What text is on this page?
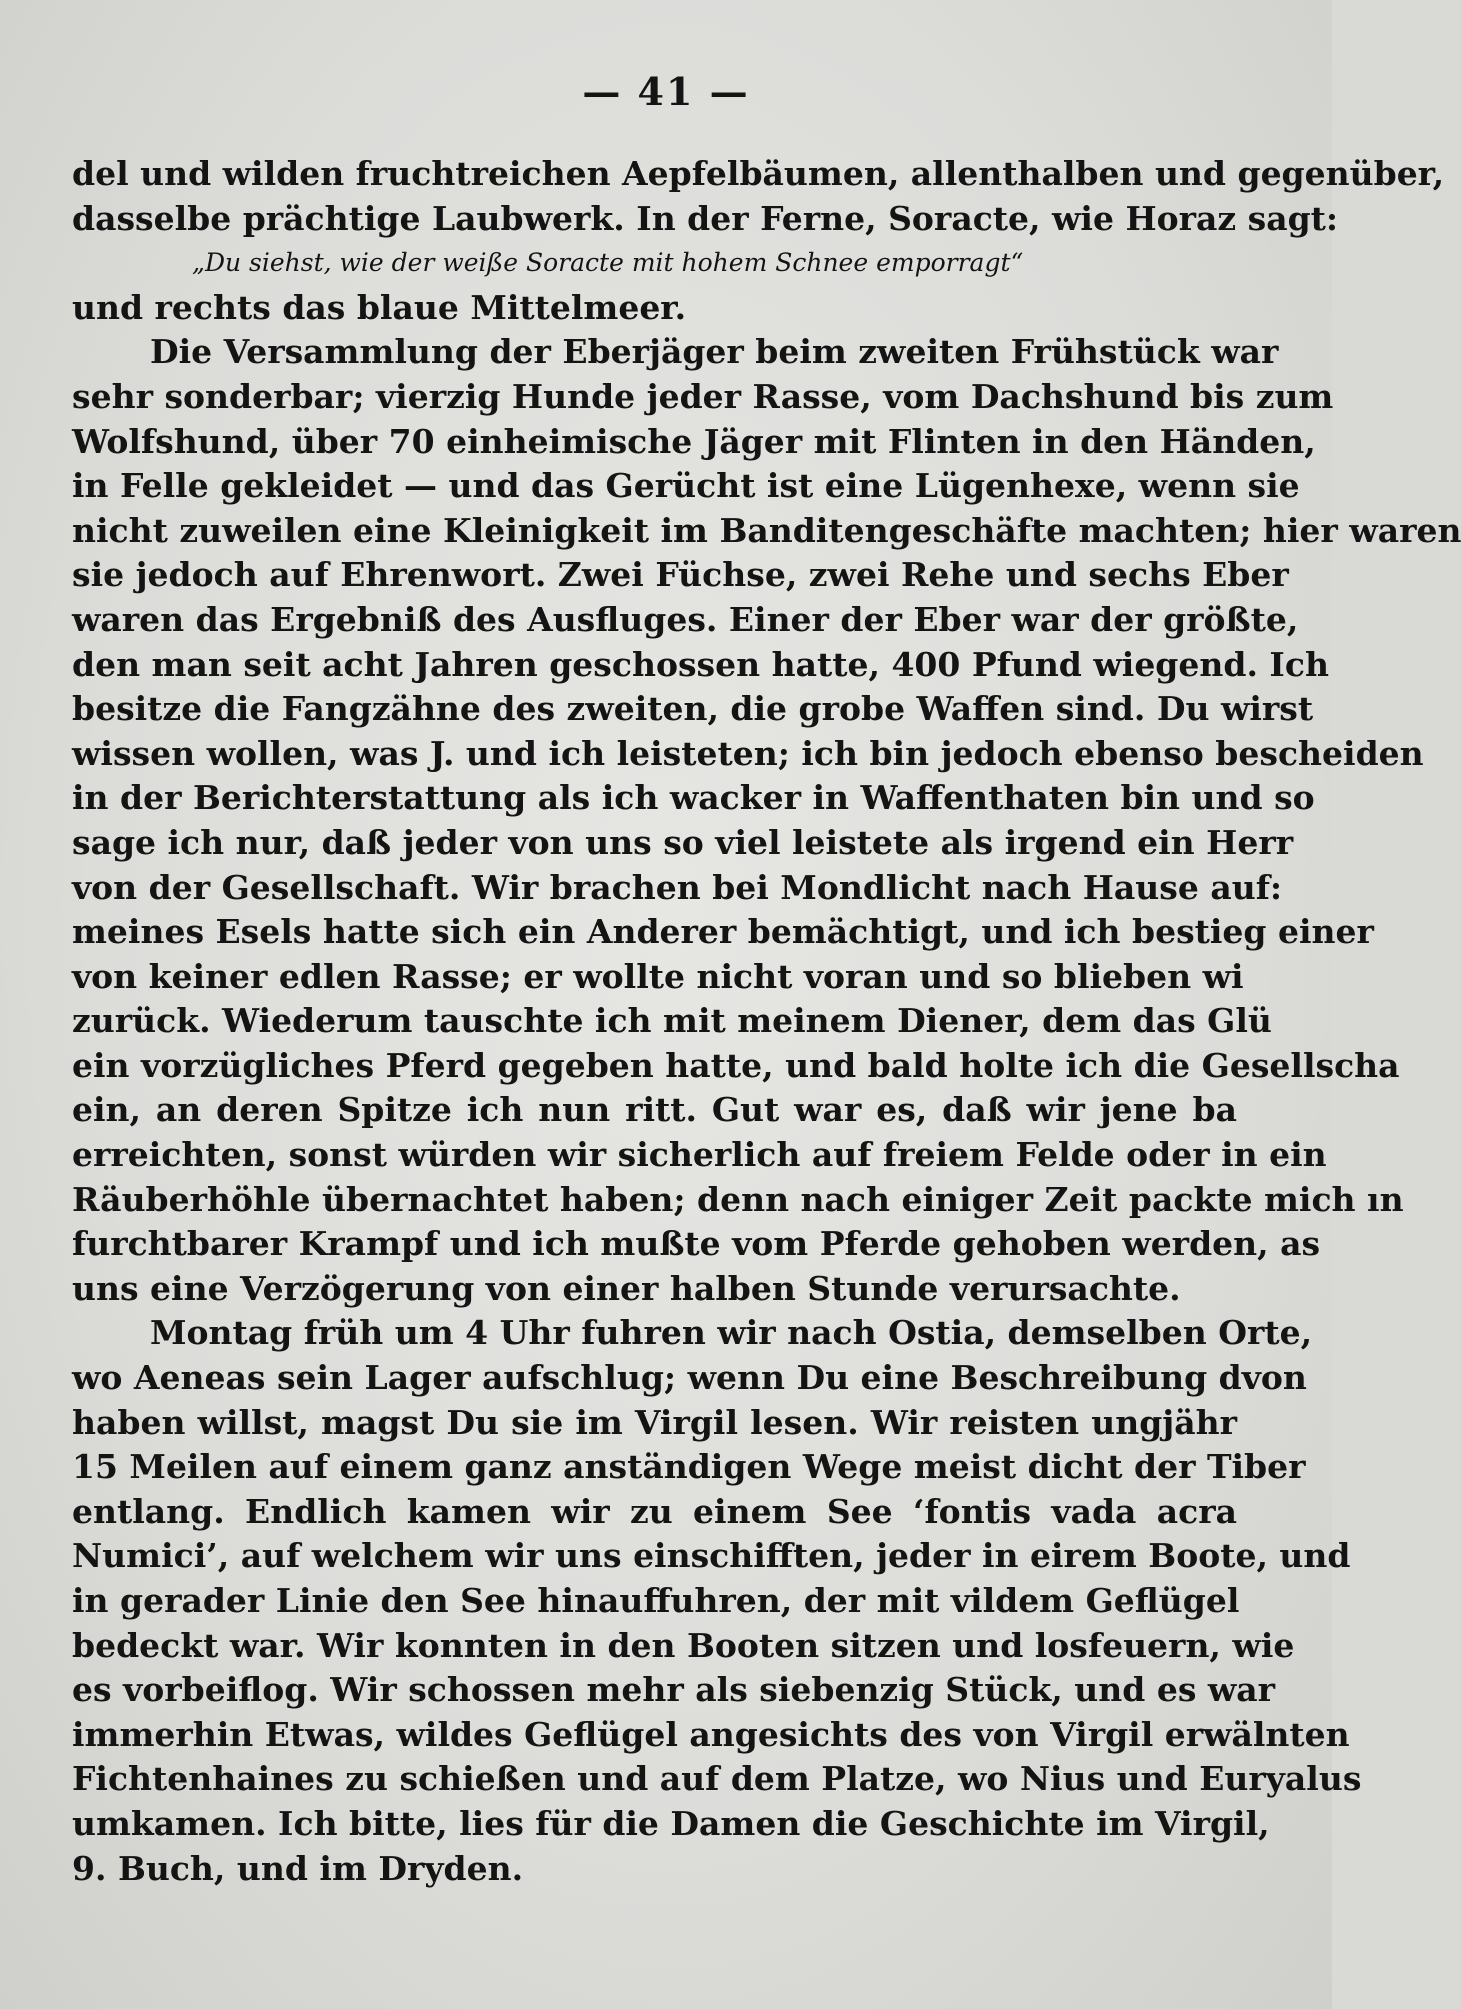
— 41 —
del und wilden fruchtreichen Aepfelbäumen, allenthalben und gegenüber,
dasselbe prächtige Laubwerk. In der Ferne, Soracte, wie Horaz sagt:
„Du siehst, wie der weiße Soracte mit hohem Schnee emporragt“
und rechts das blaue Mittelmeer.
Die Versammlung der Eberjäger beim zweiten Frühstück war
sehr sonderbar; vierzig Hunde jeder Rasse, vom Dachshund bis zum
Wolfshund, über 70 einheimische Jäger mit Flinten in den Händen,
in Felle gekleidet — und das Gerücht ist eine Lügenhexe, wenn sie
nicht zuweilen eine Kleinigkeit im Banditengeschäfte machten; hier waren
sie jedoch auf Ehrenwort. Zwei Füchse, zwei Rehe und sechs Eber
waren das Ergebniß des Ausfluges. Einer der Eber war der größte,
den man seit acht Jahren geschossen hatte, 400 Pfund wiegend. Ich
besitze die Fangzähne des zweiten, die grobe Waffen sind. Du wirst
wissen wollen, was J. und ich leisteten; ich bin jedoch ebenso bescheiden
in der Berichterstattung als ich wacker in Waffenthaten bin und so
sage ich nur, daß jeder von uns so viel leistete als irgend ein Herr
von der Gesellschaft. Wir brachen bei Mondlicht nach Hause auf:
meines Esels hatte sich ein Anderer bemächtigt, und ich bestieg einer
von keiner edlen Rasse; er wollte nicht voran und so blieben wi
zurück. Wiederum tauschte ich mit meinem Diener, dem das Glü
ein vorzügliches Pferd gegeben hatte, und bald holte ich die Gesellscha
ein, an deren Spitze ich nun ritt. Gut war es, daß wir jene ba
erreichten, sonst würden wir sicherlich auf freiem Felde oder in ein
Räuberhöhle übernachtet haben; denn nach einiger Zeit packte mich ın
furchtbarer Krampf und ich mußte vom Pferde gehoben werden, as
uns eine Verzögerung von einer halben Stunde verursachte.
Montag früh um 4 Uhr fuhren wir nach Ostia, demselben Orte,
wo Aeneas sein Lager aufschlug; wenn Du eine Beschreibung dvon
haben willst, magst Du sie im Virgil lesen. Wir reisten ungjähr
15 Meilen auf einem ganz anständigen Wege meist dicht der Tiber
entlang. Endlich kamen wir zu einem See ‘fontis vada acra
Numici’, auf welchem wir uns einschifften, jeder in eirem Boote, und
in gerader Linie den See hinauffuhren, der mit vildem Geflügel
bedeckt war. Wir konnten in den Booten sitzen und losfeuern, wie
es vorbeiflog. Wir schossen mehr als siebenzig Stück, und es war
immerhin Etwas, wildes Geflügel angesichts des von Virgil erwälnten
Fichtenhaines zu schießen und auf dem Platze, wo Nius und Euryalus
umkamen. Ich bitte, lies für die Damen die Geschichte im Virgil,
9. Buch, und im Dryden.
